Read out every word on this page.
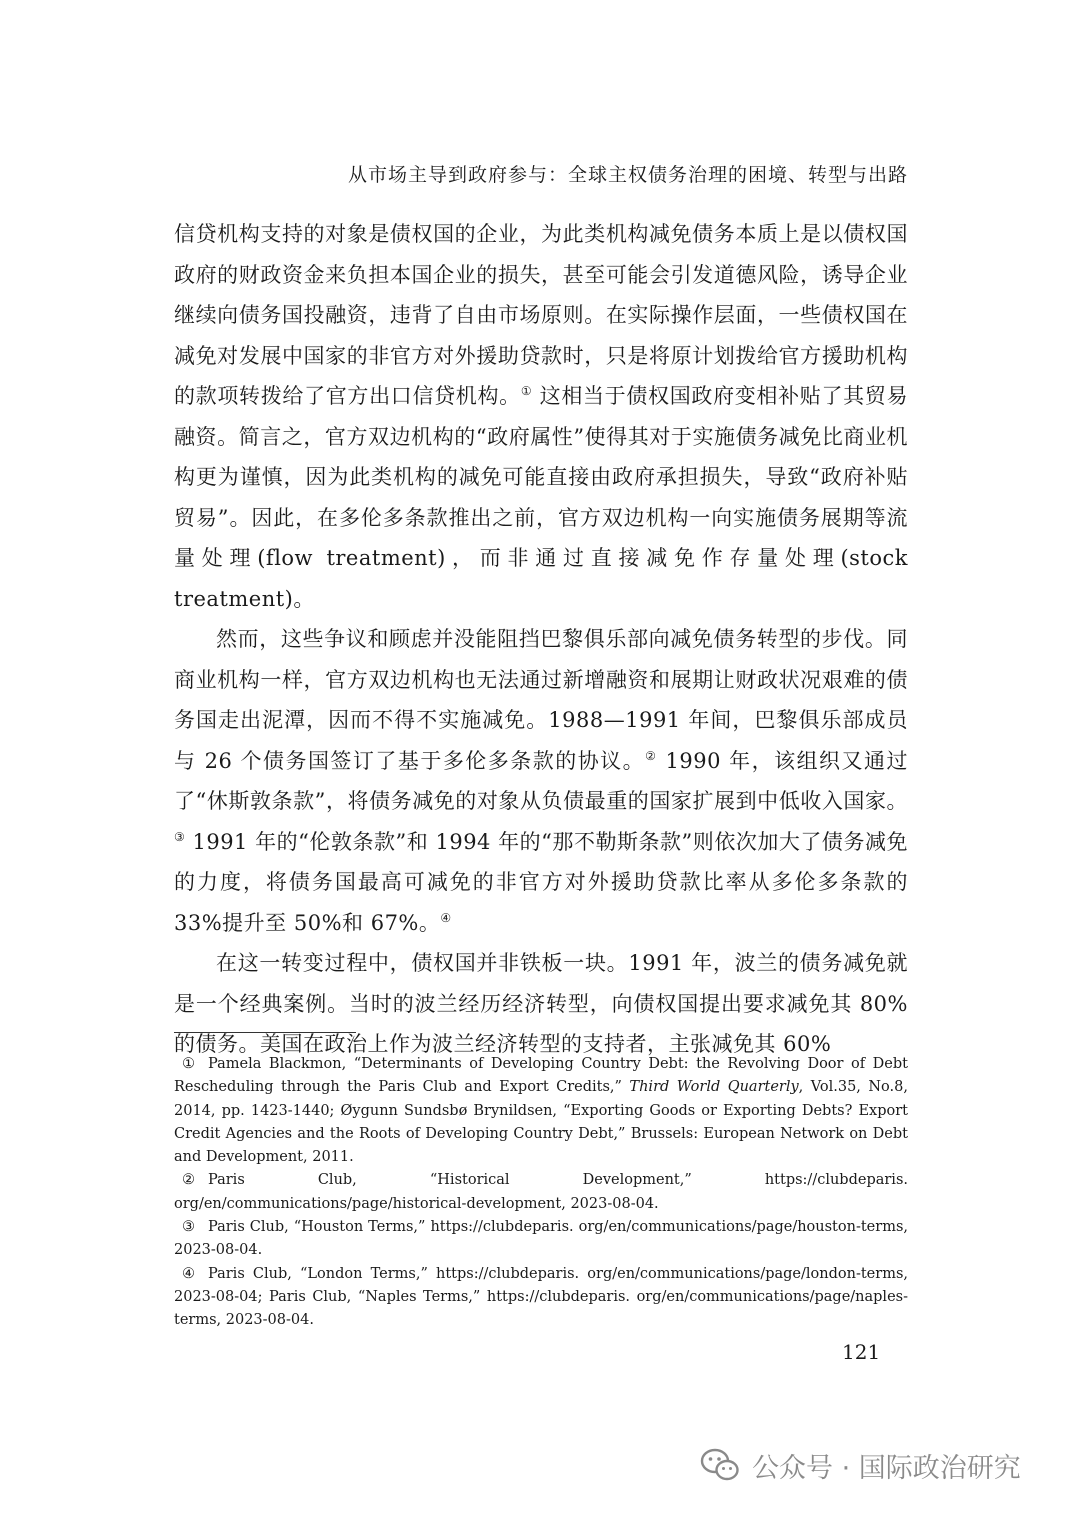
从市场主导到政府参与：全球主权债务治理的困境、转型与出路

信贷机构支持的对象是债权国的企业，为此类机构减免债务本质上是以债权国政府的财政资金来负担本国企业的损失，甚至可能会引发道德风险，诱导企业继续向债务国投融资，违背了自由市场原则。在实际操作层面，一些债权国在减免对发展中国家的非官方对外援助贷款时，只是将原计划拨给官方援助机构的款项转拨给了官方出口信贷机构。① 这相当于债权国政府变相补贴了其贸易融资。简言之，官方双边机构的“政府属性”使得其对于实施债务减免比商业机构更为谨慎，因为此类机构的减免可能直接由政府承担损失，导致“政府补贴贸易”。因此，在多伦多条款推出之前，官方双边机构一向实施债务展期等流量处理(flow treatment)，而非通过直接减免作存量处理(stock treatment)。

然而，这些争议和顾虑并没能阻挡巴黎俱乐部向减免债务转型的步伐。同商业机构一样，官方双边机构也无法通过新增融资和展期让财政状况艰难的债务国走出泥潭，因而不得不实施减免。1988—1991 年间，巴黎俱乐部成员与 26 个债务国签订了基于多伦多条款的协议。② 1990 年，该组织又通过了“休斯敦条款”，将债务减免的对象从负债最重的国家扩展到中低收入国家。③ 1991 年的“伦敦条款”和 1994 年的“那不勒斯条款”则依次加大了债务减免的力度，将债务国最高可减免的非官方对外援助贷款比率从多伦多条款的 33%提升至 50%和 67%。④

在这一转变过程中，债权国并非铁板一块。1991 年，波兰的债务减免就是一个经典案例。当时的波兰经历经济转型，向债权国提出要求减免其 80%的债务。美国在政治上作为波兰经济转型的支持者，主张减免其 60%

① Pamela Blackmon, “Determinants of Developing Country Debt: the Revolving Door of Debt Rescheduling through the Paris Club and Export Credits,” Third World Quarterly, Vol.35, No.8, 2014, pp. 1423-1440; Øygunn Sundsbø Brynildsen, “Exporting Goods or Exporting Debts? Export Credit Agencies and the Roots of Developing Country Debt,” Brussels: European Network on Debt and Development, 2011.

② Paris Club, “Historical Development,” https://clubdeparis. org/en/communications/page/historical-development, 2023-08-04.

③ Paris Club, “Houston Terms,” https://clubdeparis. org/en/communications/page/houston-terms, 2023-08-04.

④ Paris Club, “London Terms,” https://clubdeparis. org/en/communications/page/london-terms, 2023-08-04; Paris Club, “Naples Terms,” https://clubdeparis. org/en/communications/page/naples-terms, 2023-08-04.

121
公众号 · 国际政治研究
